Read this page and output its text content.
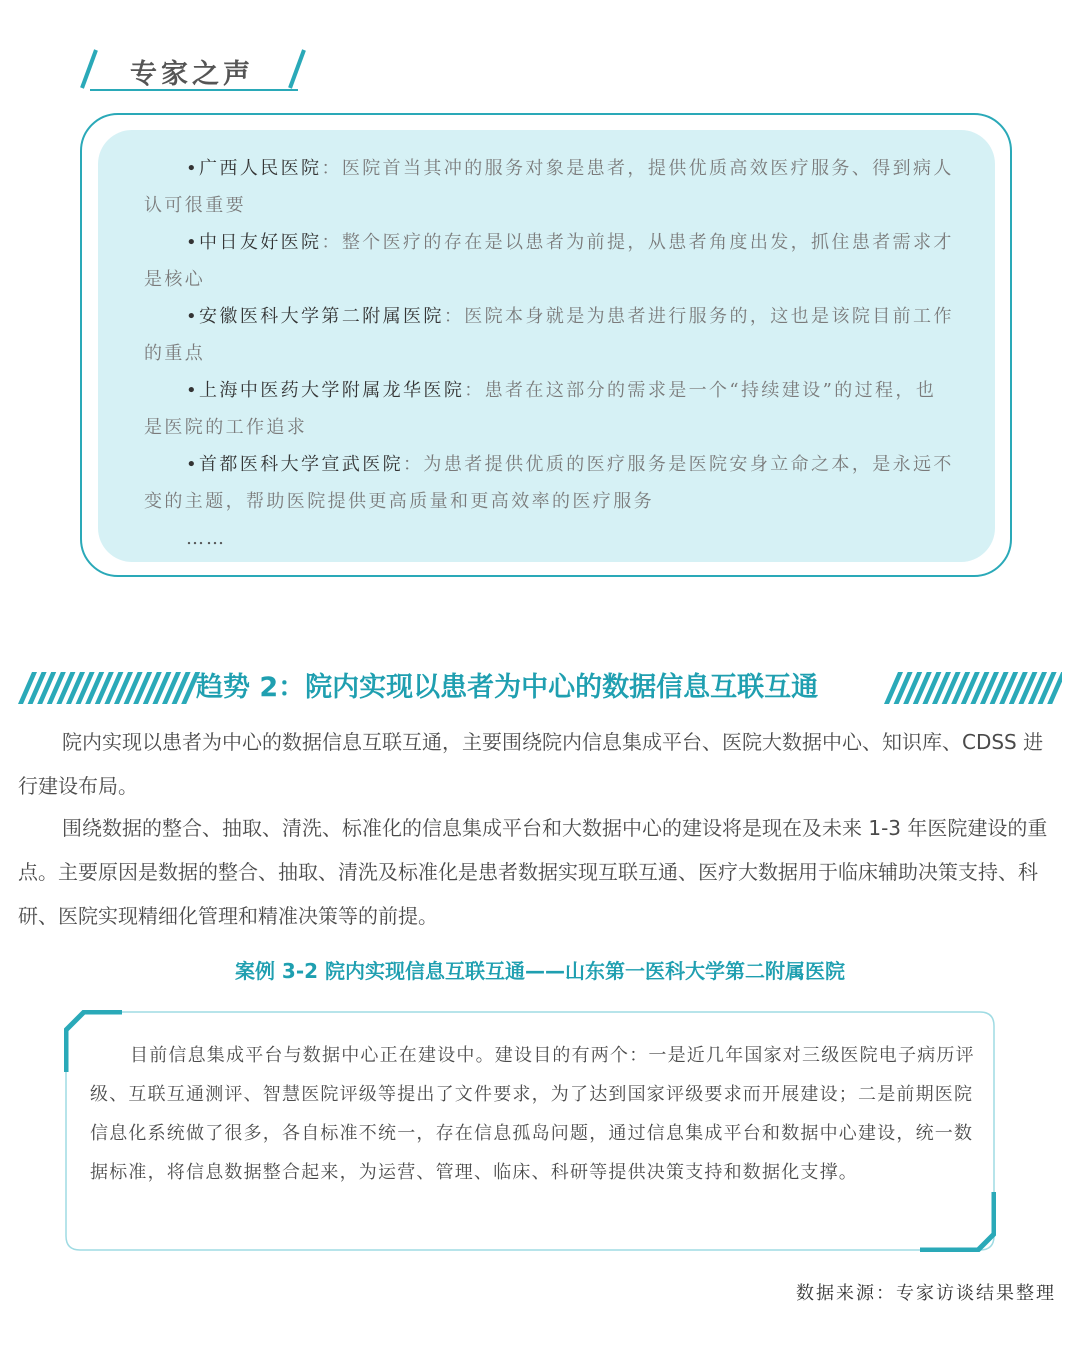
专家之声

•广西人民医院：医院首当其冲的服务对象是患者，提供优质高效医疗服务、得到病人认可很重要

•中日友好医院：整个医疗的存在是以患者为前提，从患者角度出发，抓住患者需求才是核心

•安徽医科大学第二附属医院：医院本身就是为患者进行服务的，这也是该院目前工作的重点

•上海中医药大学附属龙华医院：患者在这部分的需求是一个“持续建设”的过程，也是医院的工作追求

•首都医科大学宣武医院：为患者提供优质的医疗服务是医院安身立命之本，是永远不变的主题，帮助医院提供更高质量和更高效率的医疗服务

……
趋势 2：院内实现以患者为中心的数据信息互联互通

院内实现以患者为中心的数据信息互联互通，主要围绕院内信息集成平台、医院大数据中心、知识库、CDSS 进行建设布局。

围绕数据的整合、抽取、清洗、标准化的信息集成平台和大数据中心的建设将是现在及未来 1-3 年医院建设的重点。主要原因是数据的整合、抽取、清洗及标准化是患者数据实现互联互通、医疗大数据用于临床辅助决策支持、科研、医院实现精细化管理和精准决策等的前提。

案例 3-2 院内实现信息互联互通——山东第一医科大学第二附属医院

目前信息集成平台与数据中心正在建设中。建设目的有两个：一是近几年国家对三级医院电子病历评级、互联互通测评、智慧医院评级等提出了文件要求，为了达到国家评级要求而开展建设；二是前期医院信息化系统做了很多，各自标准不统一，存在信息孤岛问题，通过信息集成平台和数据中心建设，统一数据标准，将信息数据整合起来，为运营、管理、临床、科研等提供决策支持和数据化支撑。

数据来源：专家访谈结果整理
